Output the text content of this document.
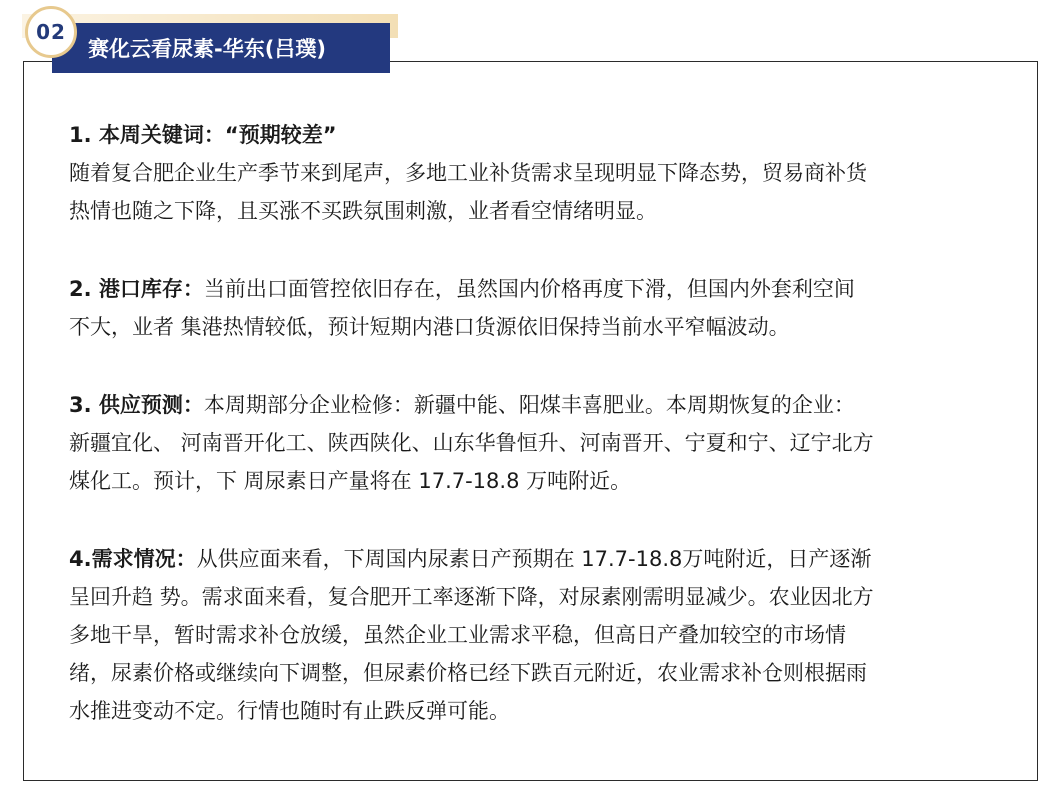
02
赛化云看尿素-华东(吕璞)

1. 本周关键词：“预期较差”
随着复合肥企业生产季节来到尾声，多地工业补货需求呈现明显下降态势，贸易商补货
热情也随之下降，且买涨不买跌氛围刺激，业者看空情绪明显。

2. 港口库存：当前出口面管控依旧存在，虽然国内价格再度下滑，但国内外套利空间
不大，业者 集港热情较低，预计短期内港口货源依旧保持当前水平窄幅波动。

3. 供应预测：本周期部分企业检修：新疆中能、阳煤丰喜肥业。本周期恢复的企业：
新疆宜化、 河南晋开化工、陕西陕化、山东华鲁恒升、河南晋开、宁夏和宁、辽宁北方
煤化工。预计，下 周尿素日产量将在 17.7-18.8 万吨附近。

4.需求情况：从供应面来看，下周国内尿素日产预期在 17.7-18.8万吨附近，日产逐渐
呈回升趋 势。需求面来看，复合肥开工率逐渐下降，对尿素刚需明显减少。农业因北方
多地干旱，暂时需求补仓放缓，虽然企业工业需求平稳，但高日产叠加较空的市场情
绪，尿素价格或继续向下调整，但尿素价格已经下跌百元附近，农业需求补仓则根据雨
水推进变动不定。行情也随时有止跌反弹可能。
